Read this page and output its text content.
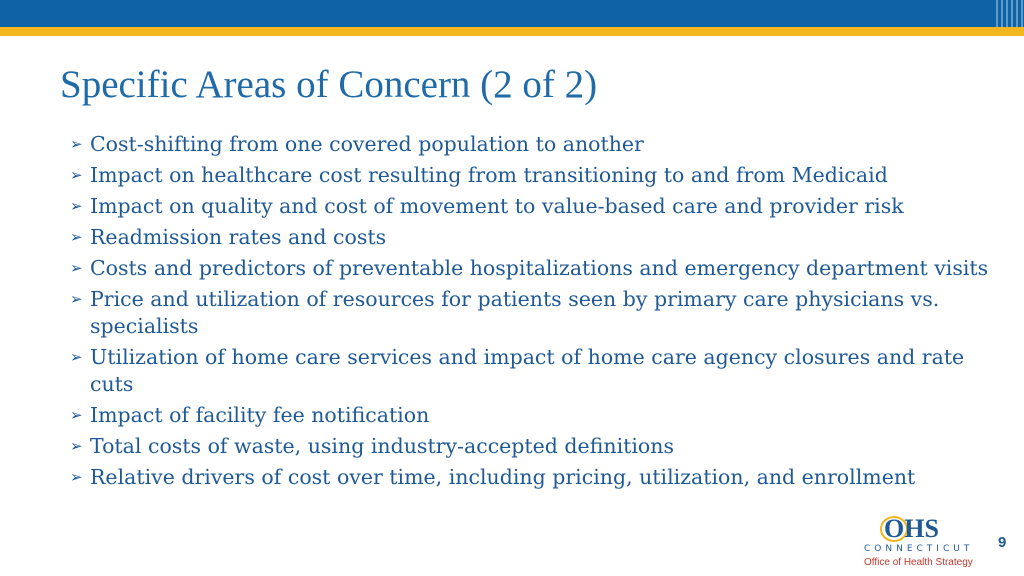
Specific Areas of Concern (2 of 2)
➢ Cost-shifting from one covered population to another
➢ Impact on healthcare cost resulting from transitioning to and from Medicaid
➢ Impact on quality and cost of movement to value-based care and provider risk
➢ Readmission rates and costs
➢ Costs and predictors of preventable hospitalizations and emergency department visits
➢ Price and utilization of resources for patients seen by primary care physicians vs. specialists
➢ Utilization of home care services and impact of home care agency closures and rate cuts
➢ Impact of facility fee notification
➢ Total costs of waste, using industry-accepted definitions
➢ Relative drivers of cost over time, including pricing, utilization, and enrollment
OHS
CONNECTICUT
Office of Health Strategy
9
